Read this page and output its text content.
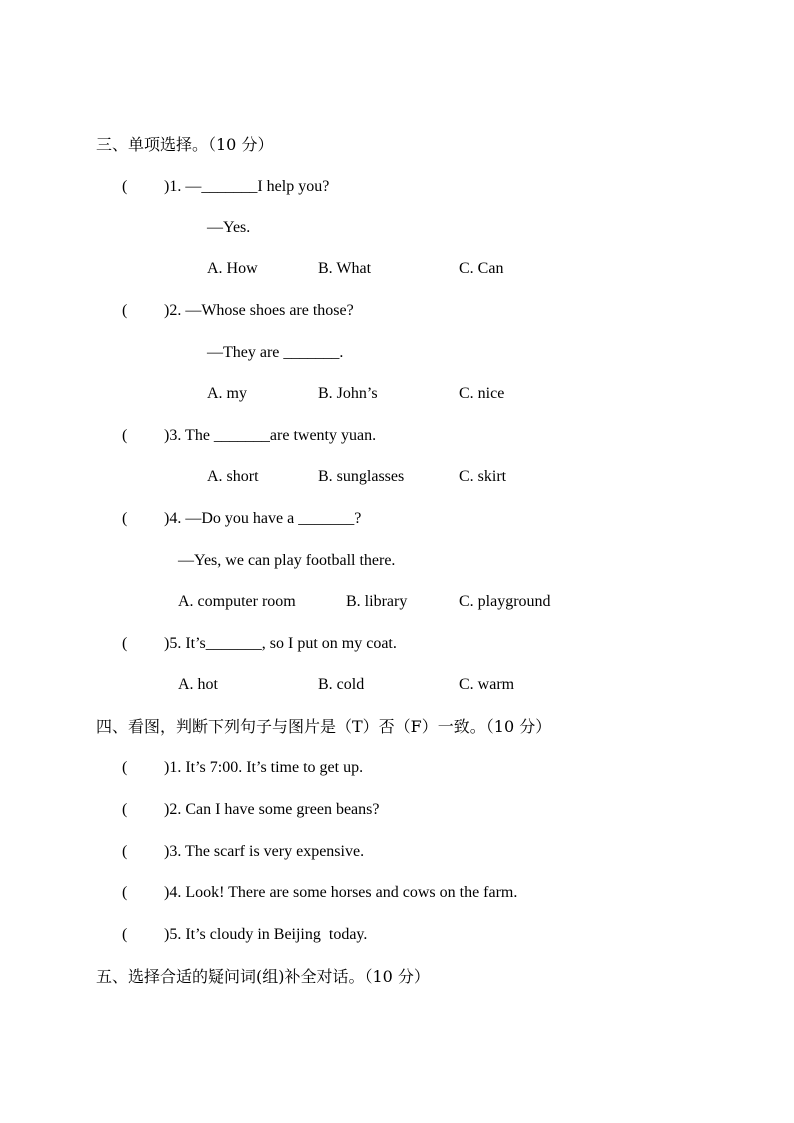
三、单项选择。（10 分）
( )1. —_______I help you?
—Yes.
A. How	B. What	C. Can
( )2. —Whose shoes are those?
—They are _______.
A. my	B. John’s	C. nice
( )3. The _______are twenty yuan.
A. short	B. sunglasses	C. skirt
( )4. —Do you have a _______?
—Yes, we can play football there.
A. computer room	B. library	C. playground
( )5. It’s_______, so I put on my coat.
A. hot	B. cold	C. warm
四、看图，判断下列句子与图片是（T）否（F）一致。（10 分）
( )1. It’s 7:00. It’s time to get up.
( )2. Can I have some green beans?
( )3. The scarf is very expensive.
( )4. Look! There are some horses and cows on the farm.
( )5. It’s cloudy in Beijing  today.
五、选择合适的疑问词(组)补全对话。（10 分）
